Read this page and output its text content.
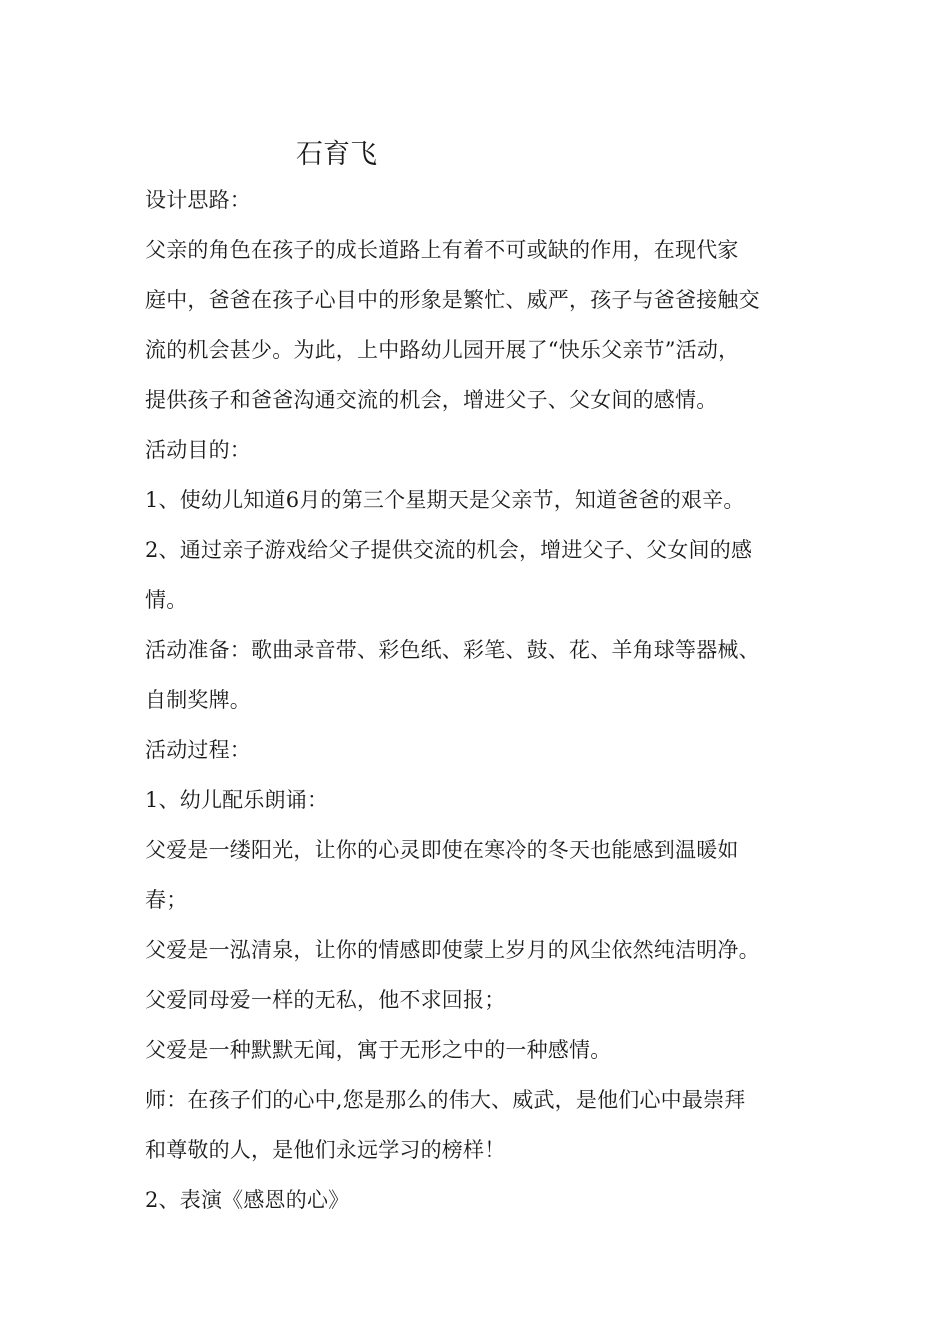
石育飞
设计思路：
父亲的角色在孩子的成长道路上有着不可或缺的作用，在现代家
庭中，爸爸在孩子心目中的形象是繁忙、威严，孩子与爸爸接触交
流的机会甚少。为此，上中路幼儿园开展了“快乐父亲节”活动，
提供孩子和爸爸沟通交流的机会，增进父子、父女间的感情。
活动目的：
1、使幼儿知道6月的第三个星期天是父亲节，知道爸爸的艰辛。
2、通过亲子游戏给父子提供交流的机会，增进父子、父女间的感
情。
活动准备：歌曲录音带、彩色纸、彩笔、鼓、花、羊角球等器械、
自制奖牌。
活动过程：
1、幼儿配乐朗诵：
父爱是一缕阳光，让你的心灵即使在寒冷的冬天也能感到温暖如
春；
父爱是一泓清泉，让你的情感即使蒙上岁月的风尘依然纯洁明净。
父爱同母爱一样的无私，他不求回报；
父爱是一种默默无闻，寓于无形之中的一种感情。
师：在孩子们的心中,您是那么的伟大、威武，是他们心中最崇拜
和尊敬的人，是他们永远学习的榜样！
2、表演《感恩的心》
